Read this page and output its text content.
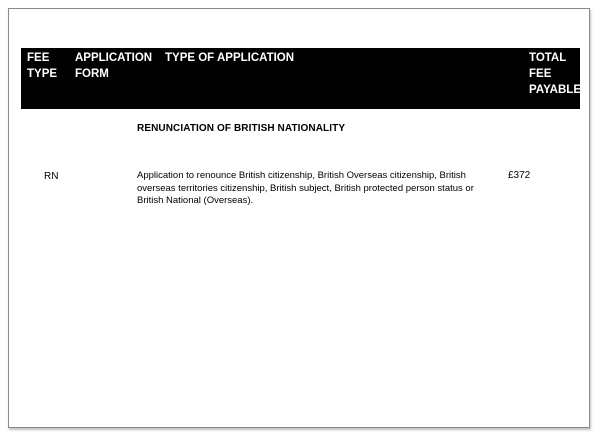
FEE
TYPE
APPLICATION
FORM
TYPE OF APPLICATION	TOTAL
FEE
PAYABLE
RENUNCIATION OF BRITISH NATIONALITY
RN	Application to renounce British citizenship, British Overseas citizenship, British overseas territories citizenship, British subject, British protected person status or British National (Overseas).
£372
